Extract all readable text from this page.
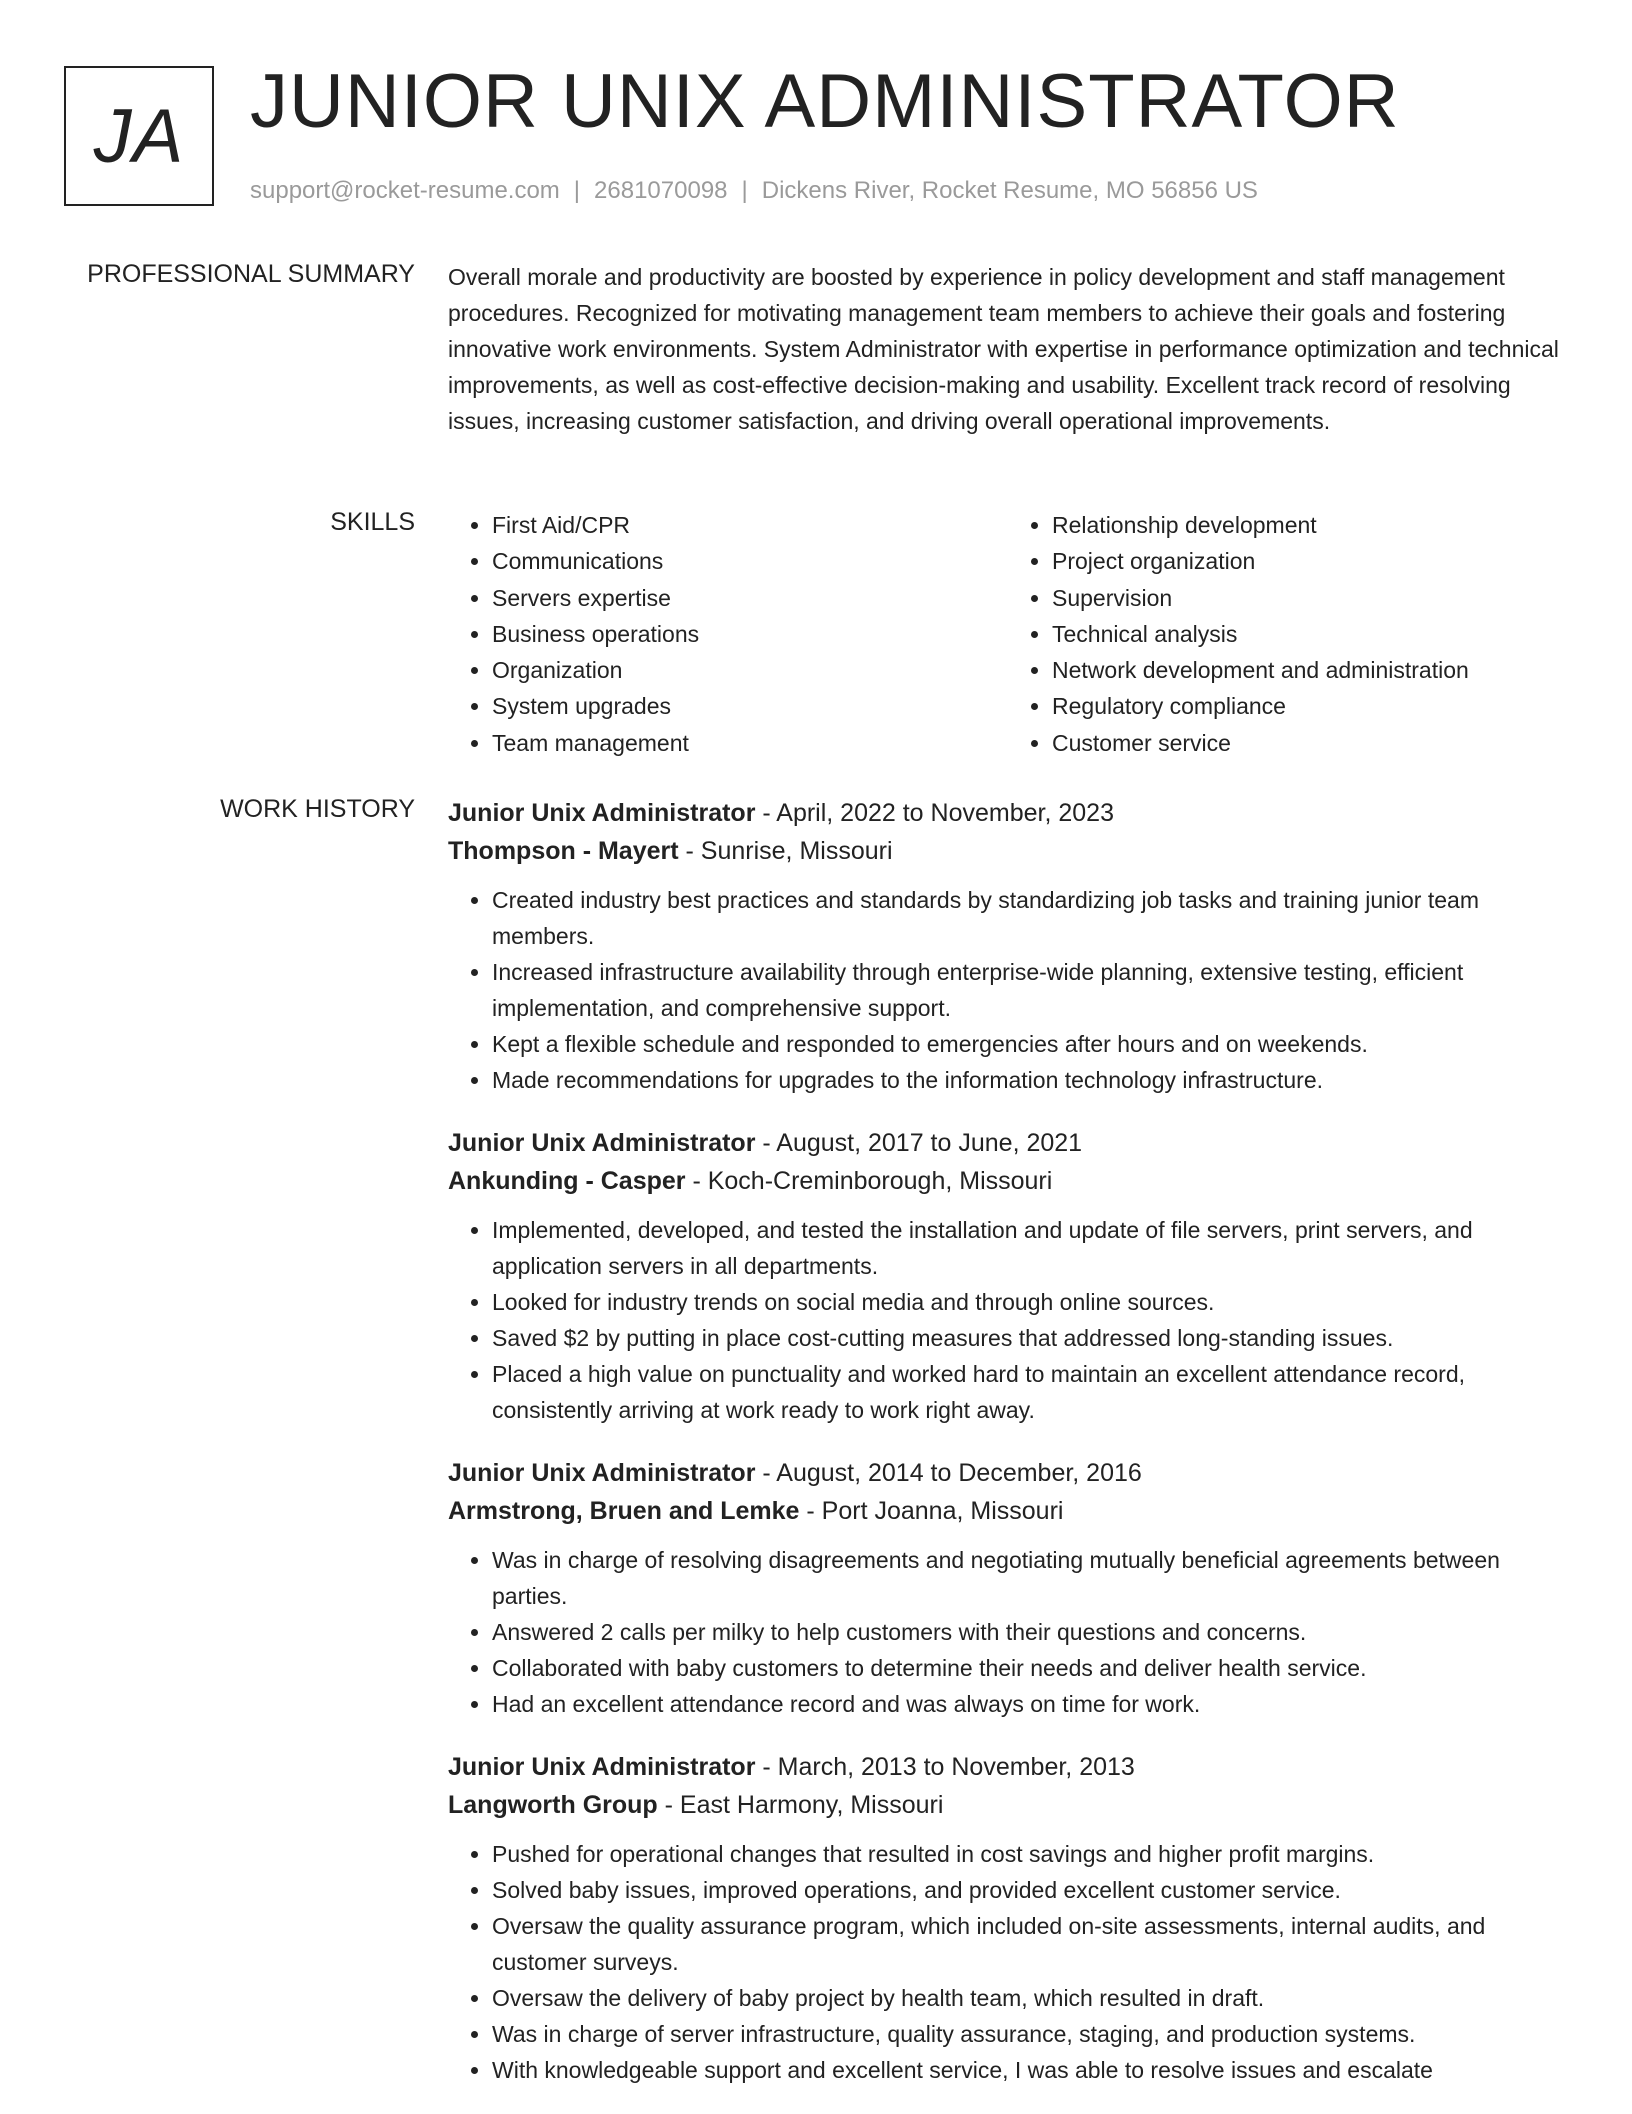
JA JUNIOR UNIX ADMINISTRATOR
support@rocket-resume.com | 2681070098 | Dickens River, Rocket Resume, MO 56856 US
PROFESSIONAL SUMMARY Overall morale and productivity are boosted by experience in policy development and staff management procedures. Recognized for motivating management team members to achieve their goals and fostering innovative work environments. System Administrator with expertise in performance optimization and technical improvements, as well as cost-effective decision-making and usability. Excellent track record of resolving issues, increasing customer satisfaction, and driving overall operational improvements.

SKILLS
•	First Aid/CPR
• Communications
• Servers expertise
• Business operations
• Organization
• System upgrades
• Team management
• Relationship development
• Project organization
• Supervision
• Technical analysis
• Network development and administration
• Regulatory compliance
• Customer service
WORK HISTORY Junior Unix Administrator - April, 2022 to November, 2023
Thompson - Mayert - Sunrise, Missouri
• Created industry best practices and standards by standardizing job tasks and training junior team members.
• Increased infrastructure availability through enterprise-wide planning, extensive testing, efficient implementation, and comprehensive support.
• Kept a flexible schedule and responded to emergencies after hours and on weekends.
• Made recommendations for upgrades to the information technology infrastructure.
Junior Unix Administrator - August, 2017 to June, 2021
Ankunding - Casper - Koch-Creminborough, Missouri
• Implemented, developed, and tested the installation and update of file servers, print servers, and application servers in all departments.
• Looked for industry trends on social media and through online sources.
• Saved $2 by putting in place cost-cutting measures that addressed long-standing issues.
• Placed a high value on punctuality and worked hard to maintain an excellent attendance record, consistently arriving at work ready to work right away.
Junior Unix Administrator - August, 2014 to December, 2016
Armstrong, Bruen and Lemke - Port Joanna, Missouri
• Was in charge of resolving disagreements and negotiating mutually beneficial agreements between parties.
• Answered 2 calls per milky to help customers with their questions and concerns.
• Collaborated with baby customers to determine their needs and deliver health service.
• Had an excellent attendance record and was always on time for work.
Junior Unix Administrator - March, 2013 to November, 2013
Langworth Group - East Harmony, Missouri
• Pushed for operational changes that resulted in cost savings and higher profit margins.
• Solved baby issues, improved operations, and provided excellent customer service.
• Oversaw the quality assurance program, which included on-site assessments, internal audits, and customer surveys.
• Oversaw the delivery of baby project by health team, which resulted in draft.
• Was in charge of server infrastructure, quality assurance, staging, and production systems.
• With knowledgeable support and excellent service, I was able to resolve issues and escalate
